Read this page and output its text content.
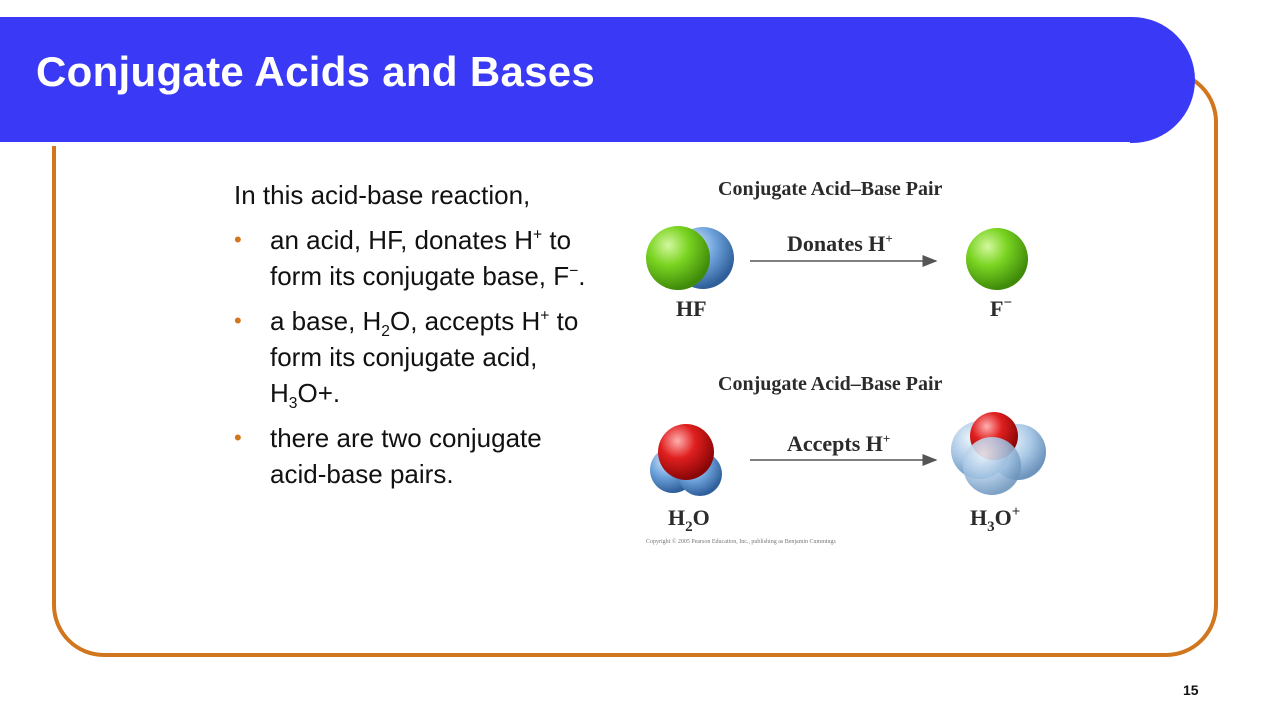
Conjugate Acids and Bases

In this acid-base reaction,

• an acid, HF, donates H+ to form its conjugate base, F−.
• a base, $H_2O$, accepts H+ to form its conjugate acid, $H_3O+$.
• there are two conjugate acid-base pairs.
Conjugate Acid–Base Pair
HF
Donates H+
F−
Conjugate Acid–Base Pair
$H_2O$
Accepts H+
$H_3O^+$
Copyright © 2005 Pearson Education, Inc., publishing as Benjamin Cummings
15
